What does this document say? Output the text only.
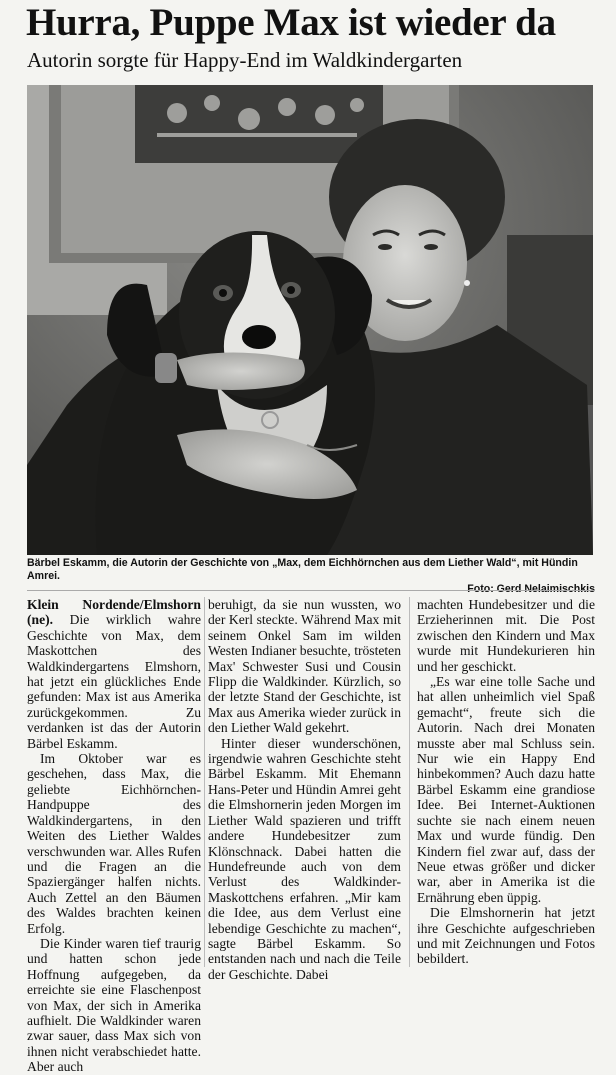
Hurra, Puppe Max ist wieder da
Autorin sorgte für Happy-End im Waldkindergarten
Bärbel Eskamm, die Autorin der Geschichte von „Max, dem Eichhörnchen aus dem Liether Wald“, mit Hündin Amrei.
Foto: Gerd Nelaimischkis

Klein Nordende/Elmshorn (ne). Die wirklich wahre Geschichte von Max, dem Maskottchen des Waldkindergartens Elmshorn, hat jetzt ein glückliches Ende gefunden: Max ist aus Amerika zurückgekommen. Zu verdanken ist das der Autorin Bärbel Eskamm.

Im Oktober war es geschehen, dass Max, die geliebte Eichhörnchen-Handpuppe des Waldkindergartens, in den Weiten des Liether Waldes verschwunden war. Alles Rufen und die Fragen an die Spaziergänger halfen nichts. Auch Zettel an den Bäumen des Waldes brachten keinen Erfolg.

Die Kinder waren tief traurig und hatten schon jede Hoffnung aufgegeben, da erreichte sie eine Flaschenpost von Max, der sich in Amerika aufhielt. Die Waldkinder waren zwar sauer, dass Max sich von ihnen nicht verabschiedet hatte. Aber auch

beruhigt, da sie nun wussten, wo der Kerl steckte. Während Max mit seinem Onkel Sam im wilden Westen Indianer besuchte, trösteten Max' Schwester Susi und Cousin Flipp die Waldkinder. Kürzlich, so der letzte Stand der Geschichte, ist Max aus Amerika wieder zurück in den Liether Wald gekehrt.

Hinter dieser wunderschönen, irgendwie wahren Geschichte steht Bärbel Eskamm. Mit Ehemann Hans-Peter und Hündin Amrei geht die Elmshornerin jeden Morgen im Liether Wald spazieren und trifft andere Hundebesitzer zum Klönschnack. Dabei hatten die Hundefreunde auch von dem Verlust des Waldkinder-Maskottchens erfahren. „Mir kam die Idee, aus dem Verlust eine lebendige Geschichte zu machen“, sagte Bärbel Eskamm. So entstanden nach und nach die Teile der Geschichte. Dabei

machten Hundebesitzer und die Erzieherinnen mit. Die Post zwischen den Kindern und Max wurde mit Hundekurieren hin und her geschickt.

„Es war eine tolle Sache und hat allen unheimlich viel Spaß gemacht“, freute sich die Autorin. Nach drei Monaten musste aber mal Schluss sein. Nur wie ein Happy End hinbekommen? Auch dazu hatte Bärbel Eskamm eine grandiose Idee. Bei Internet-Auktionen suchte sie nach einem neuen Max und wurde fündig. Den Kindern fiel zwar auf, dass der Neue etwas größer und dicker war, aber in Amerika ist die Ernährung eben üppig.

Die Elmshornerin hat jetzt ihre Geschichte aufgeschrieben und mit Zeichnungen und Fotos bebildert.
